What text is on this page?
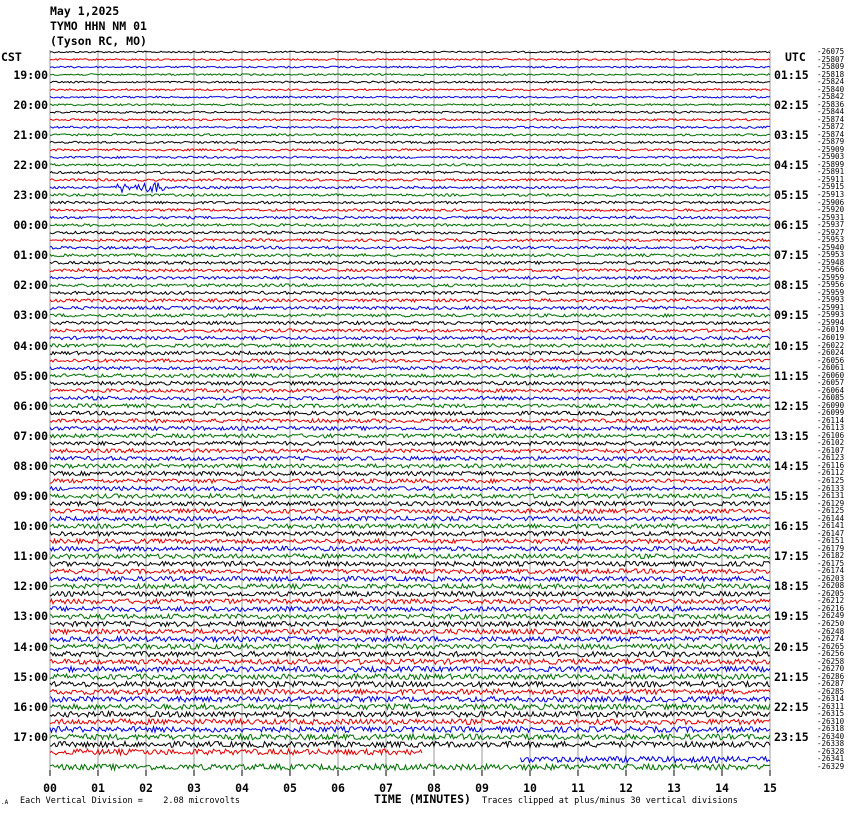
May 1,2025
TYMO HHN NM 01
(Tyson RC, MO)
CST	UTC
19:00
20:00
21:00
22:00
23:00
00:00
01:00
02:00
03:00
04:00
05:00
06:00
07:00
08:00
09:00
10:00
11:00
12:00
13:00
14:00
15:00
16:00
17:00
01:15
02:15
03:15
04:15
05:15
06:15
07:15
08:15
09:15
10:15
11:15
12:15
13:15
14:15
15:15
16:15
17:15
18:15
19:15
20:15
21:15
22:15
23:15
-26075
-25807
-25809
-25818
-25824
-25840
-25842
-25836
-25844
-25874
-25872
-25874
-25879
-25909
-25903
-25899
-25891
-25911
-25915
-25913
-25906
-25920
-25931
-25937
-25927
-25953
-25940
-25953
-25948
-25966
-25959
-25956
-25959
-25993
-25991
-25993
-25994
-26019
-26019
-26022
-26024
-26056
-26061
-26060
-26057
-26064
-26085
-26090
-26099
-26114
-26113
-26106
-26102
-26107
-26123
-26116
-26112
-26125
-26133
-26131
-26129
-26125
-26144
-26141
-26147
-26151
-26179
-26182
-26175
-26174
-26203
-26208
-26205
-26212
-26216
-26249
-26250
-26248
-26274
-26265
-26256
-26258
-26270
-26286
-26287
-26285
-26314
-26311
-26315
-26310
-26318
-26340
-26338
-26328
-26341
-26329
00	01	02	03	04	05	06	07	08	09	10	11	12	13	14	15
.A Each Vertical Division =    2.08 microvolts	TIME (MINUTES) Traces clipped at plus/minus 30 vertical divisions
